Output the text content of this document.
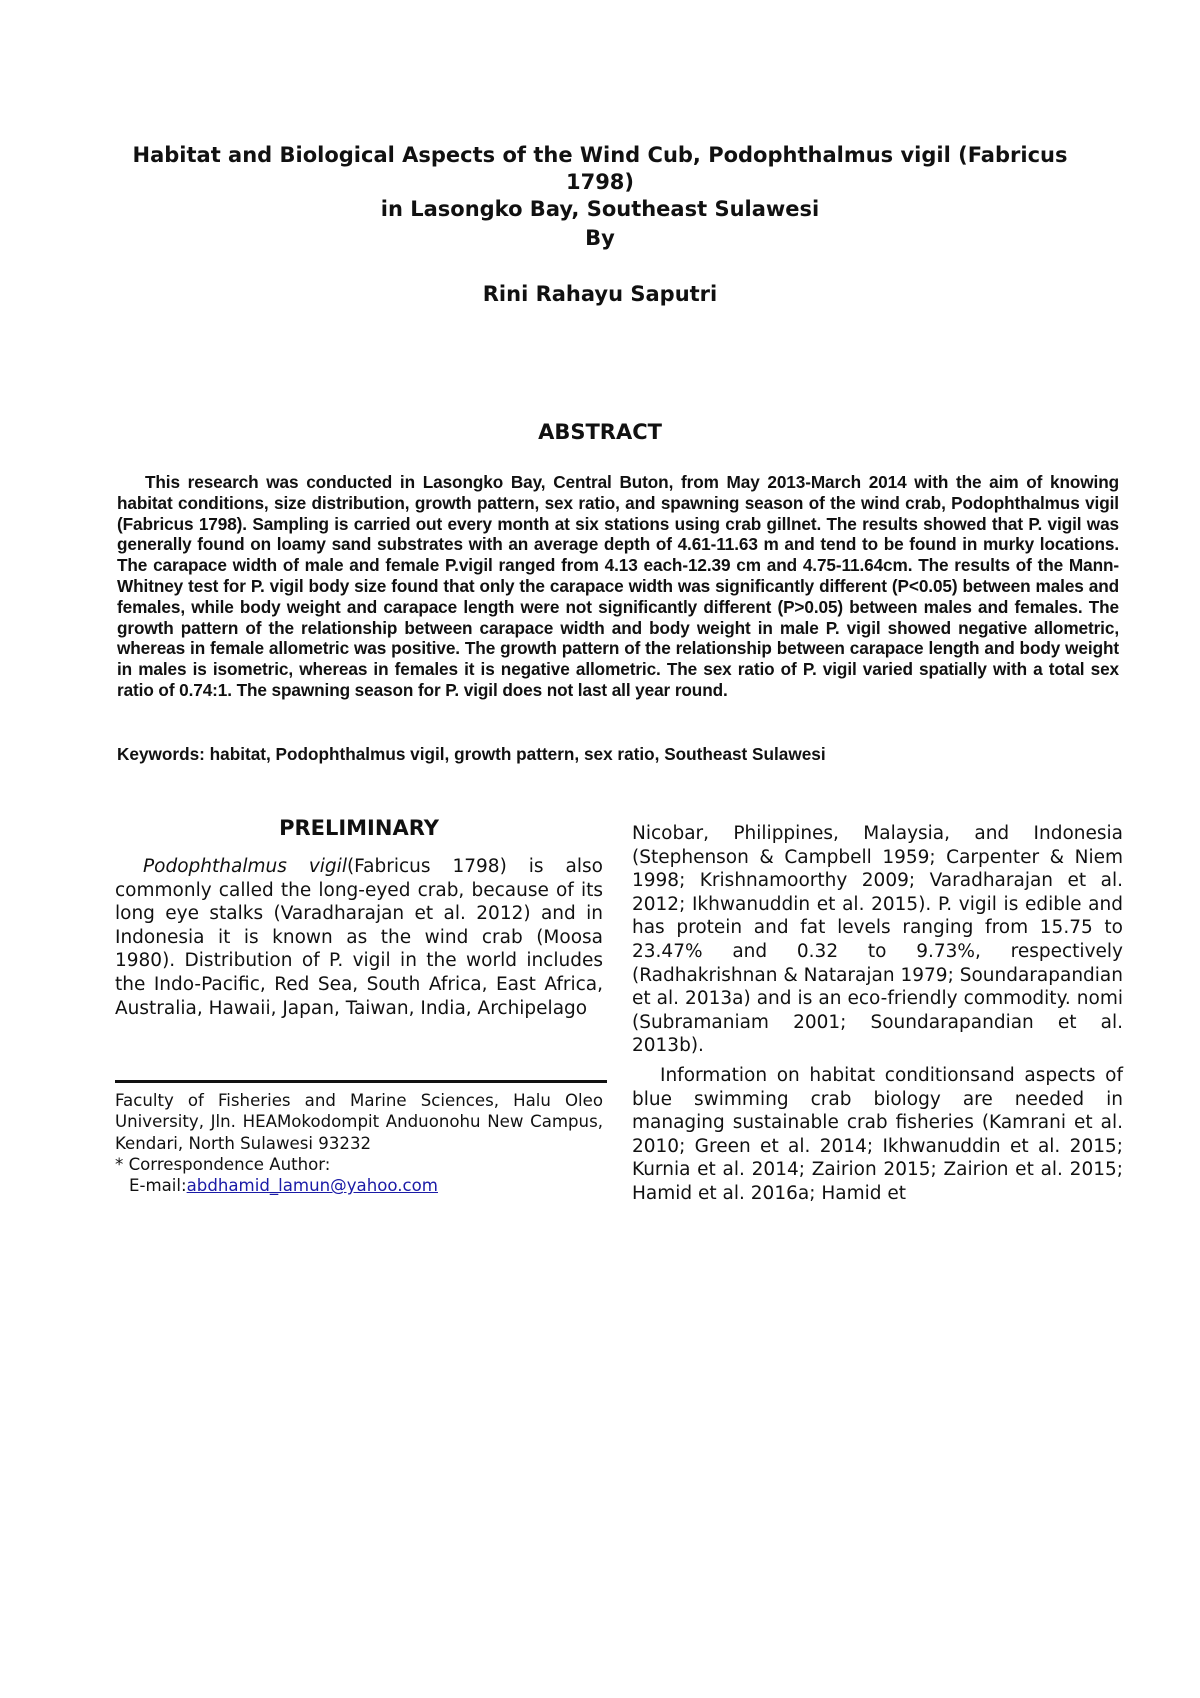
Habitat and Biological Aspects of the Wind Cub, Podophthalmus vigil (Fabricus 1798)
in Lasongko Bay, Southeast Sulawesi

By

Rini Rahayu Saputri

ABSTRACT

This research was conducted in Lasongko Bay, Central Buton, from May 2013-March 2014 with the aim of knowing habitat conditions, size distribution, growth pattern, sex ratio, and spawning season of the wind crab, Podophthalmus vigil (Fabricus 1798). Sampling is carried out every month at six stations using crab gillnet. The results showed that P. vigil was generally found on loamy sand substrates with an average depth of 4.61-11.63 m and tend to be found in murky locations. The carapace width of male and female P.vigil ranged from 4.13 each-12.39 cm and 4.75-11.64cm. The results of the Mann-Whitney test for P. vigil body size found that only the carapace width was significantly different (P<0.05) between males and females, while body weight and carapace length were not significantly different (P>0.05) between males and females. The growth pattern of the relationship between carapace width and body weight in male P. vigil showed negative allometric, whereas in female allometric was positive. The growth pattern of the relationship between carapace length and body weight in males is isometric, whereas in females it is negative allometric. The sex ratio of P. vigil varied spatially with a total sex ratio of 0.74:1. The spawning season for P. vigil does not last all year round.

Keywords: habitat, Podophthalmus vigil, growth pattern, sex ratio, Southeast Sulawesi

PRELIMINARY

Podophthalmus vigil(Fabricus 1798) is also commonly called the long-eyed crab, because of its long eye stalks (Varadharajan et al. 2012) and in Indonesia it is known as the wind crab (Moosa 1980). Distribution of P. vigil in the world includes the Indo-Pacific, Red Sea, South Africa, East Africa, Australia, Hawaii, Japan, Taiwan, India, Archipelago

Faculty of Fisheries and Marine Sciences, Halu Oleo University, Jln. HEAMokodompit Anduonohu New Campus, Kendari, North Sulawesi 93232

* Correspondence Author:

E-mail:abdhamid_lamun@yahoo.com

Nicobar, Philippines, Malaysia, and Indonesia (Stephenson & Campbell 1959; Carpenter & Niem 1998; Krishnamoorthy 2009; Varadharajan et al. 2012; Ikhwanuddin et al. 2015). P. vigil is edible and has protein and fat levels ranging from 15.75 to 23.47% and 0.32 to 9.73%, respectively (Radhakrishnan & Natarajan 1979; Soundarapandian et al. 2013a) and is an eco-friendly commodity. nomi (Subramaniam 2001; Soundarapandian et al. 2013b).

Information on habitat conditionsand aspects of blue swimming crab biology are needed in managing sustainable crab fisheries (Kamrani et al. 2010; Green et al. 2014; Ikhwanuddin et al. 2015; Kurnia et al. 2014; Zairion 2015; Zairion et al. 2015; Hamid et al. 2016a; Hamid et
